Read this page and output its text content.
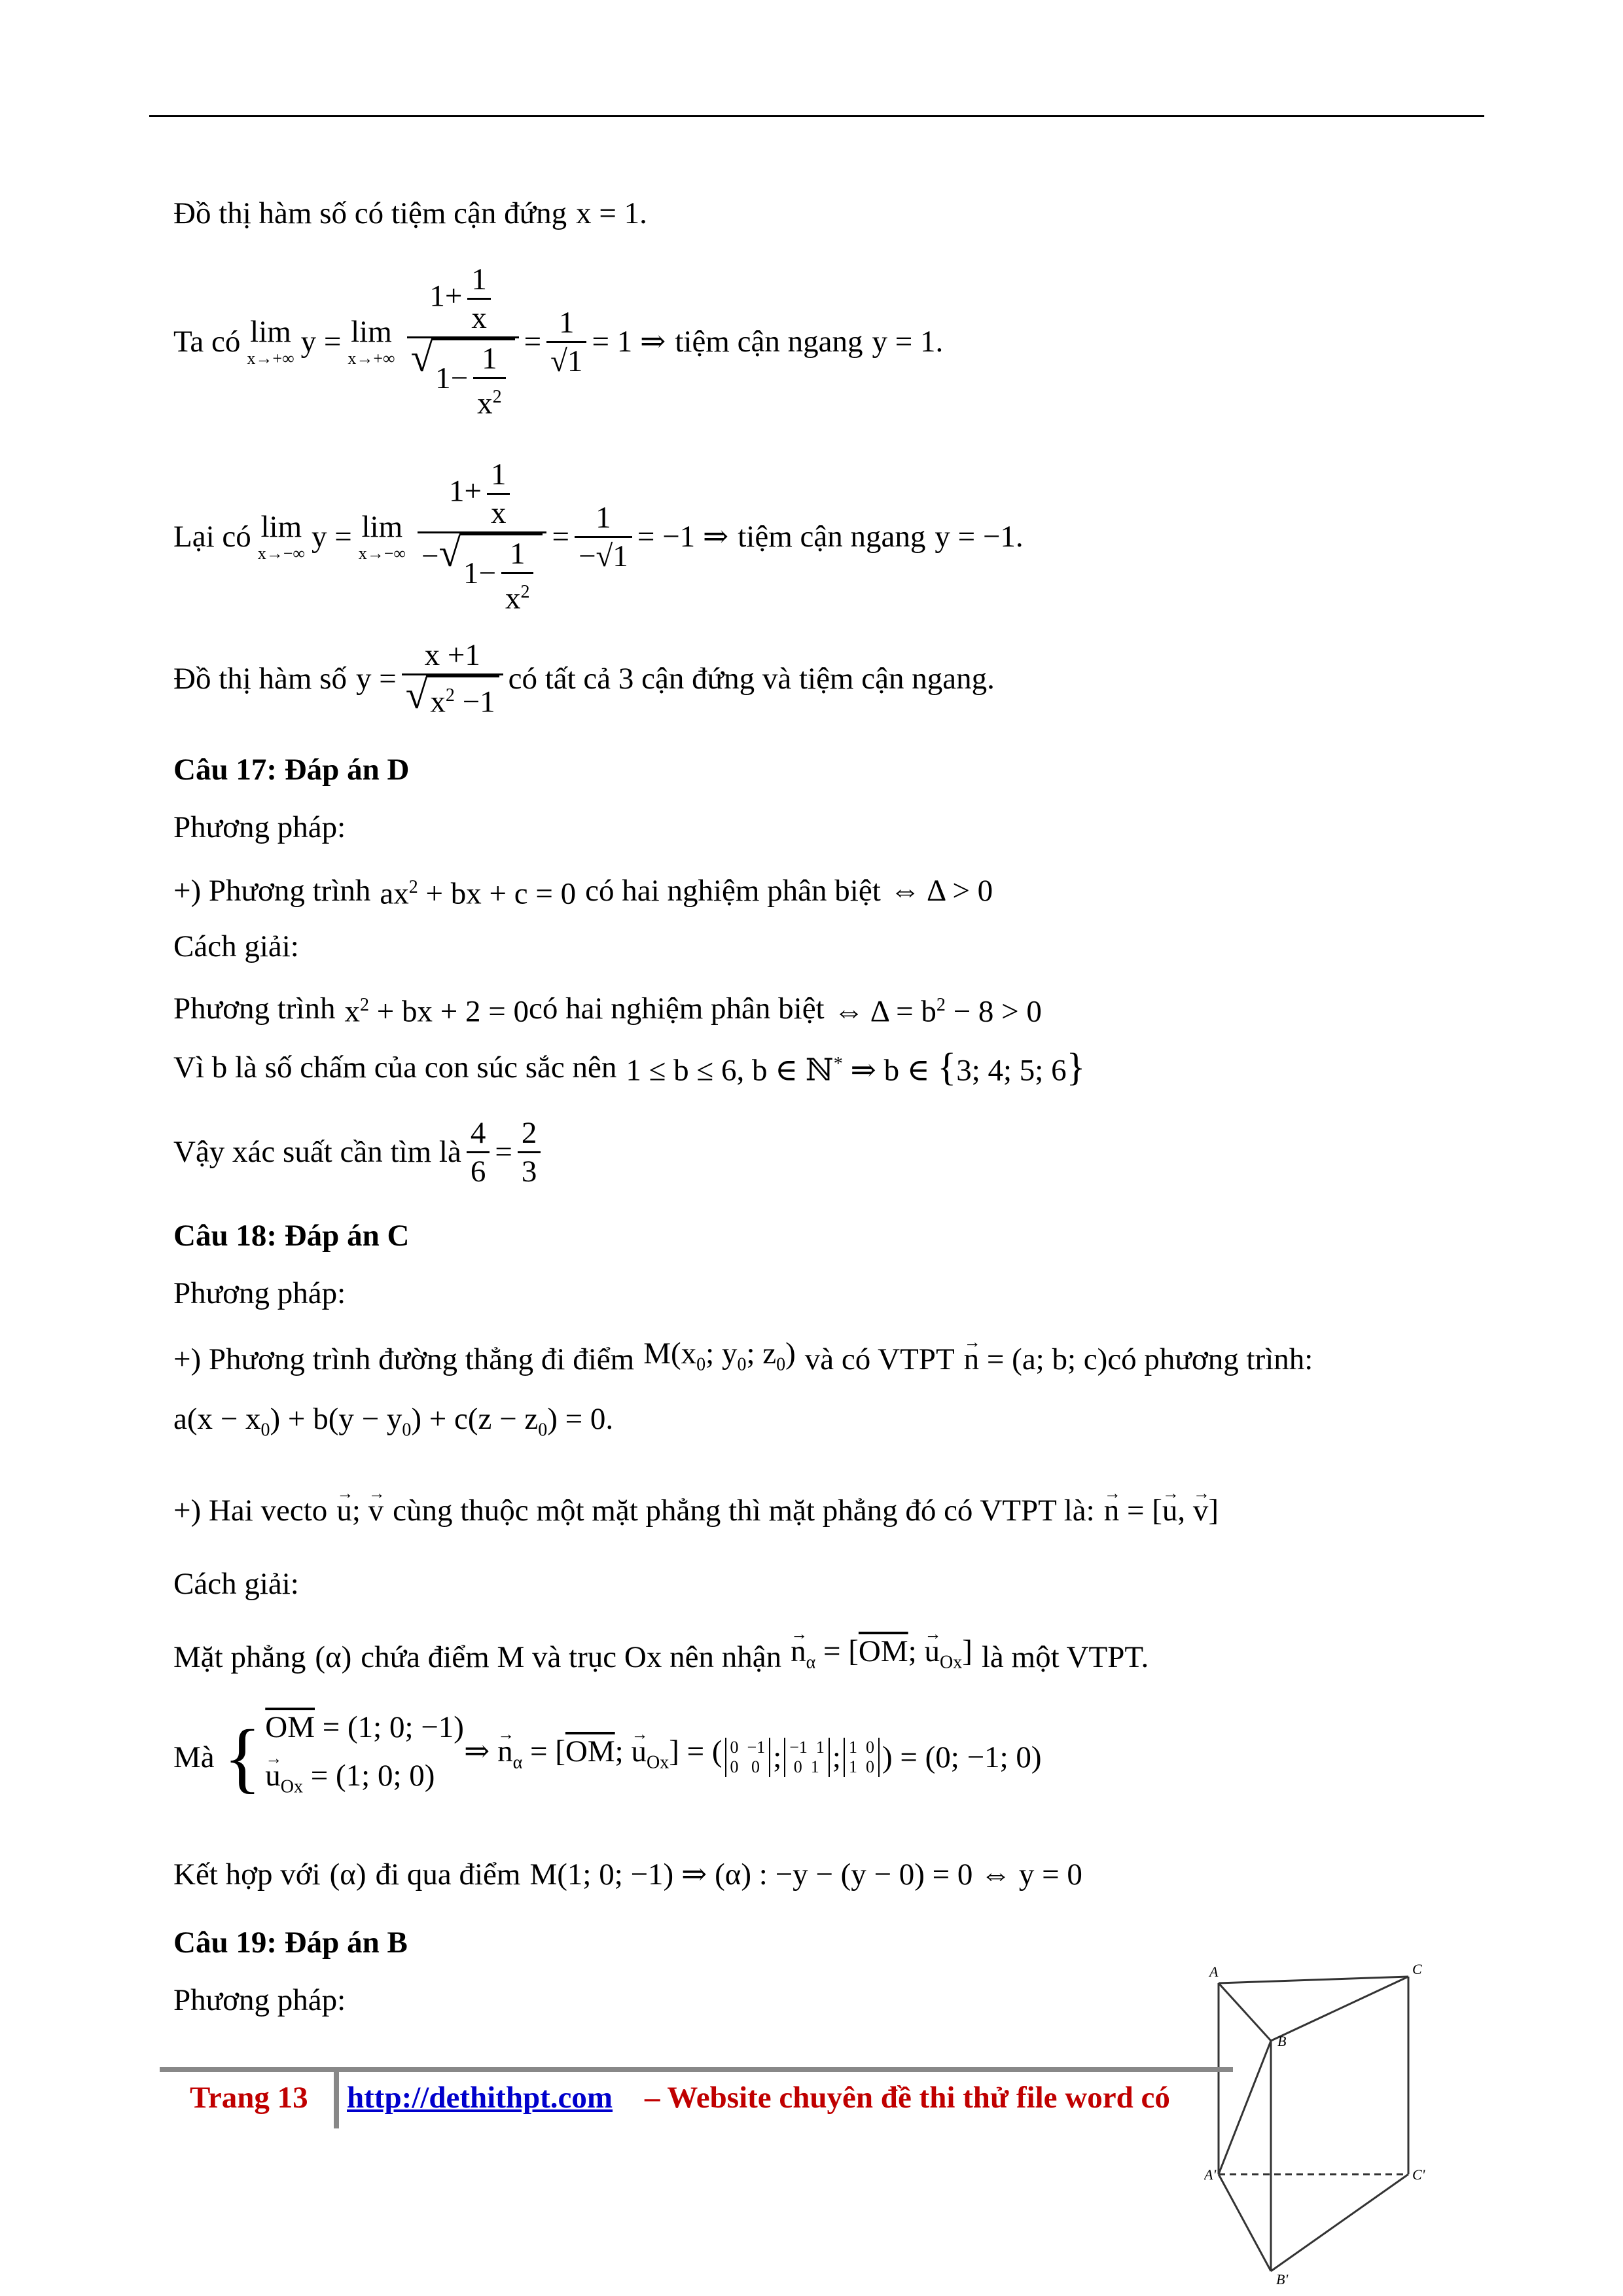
Đồ thị hàm số có tiệm cận đứng x = 1.
Ta có lim
x→+∞ y = lim
$x\to+\infty \frac{1+ \frac{1}{x}}{√ 1- \frac{1}{x^2}} = \frac{1}{√1} = 1$ ⇒ tiệm cận ngang y = 1.
Lại có lim
x→−∞ y = lim
$x\to-\infty \frac{1+ \frac{1}{x}}{- √ 1- \frac{1}{x^2}} = \frac{1}{-√1} = -1$ ⇒ tiệm cận ngang y = −1.
Đồ thị hàm số $y = \frac{x +1}{√ x^2 -1}$ có tất cả 3 cận đứng và tiệm cận ngang.
Câu 17: Đáp án D
Phương pháp:
+) Phương trình $ax^2$ + bx + c = 0 có hai nghiệm phân biệt ⇔ Δ > 0
Cách giải:
Phương trình $x^2$ + bx + 2 = 0 có hai nghiệm phân biệt ⇔ $\Delta = b^2 - 8 > 0$
Vì b là số chấm của con súc sắc nên 1 ≤ b ≤ 6, b ∈ ℕ* ⇒ b ∈ {3; 4; 5; 6}
Vậy xác suất cần tìm là $\frac{4}{6} = \frac{2}{3}$
Câu 18: Đáp án C
Phương pháp:
+) Phương trình đường thẳng đi điểm $M(x_0$; $y_0$; $z_0$) và có VTPT → n = (a; b; c) có phương trình:
$a(x - x_0) + b(y - y_0) + c(z - z_0) = 0$.
+) Hai vecto → u; → v cùng thuộc một mặt phẳng thì mặt phẳng đó có VTPT là: → n = [→ u, → v]
Cách giải:
Mặt phẳng (α) chứa điểm M và trục Ox nên nhận → $n_\alpha = [\overline{OM}$; → $u_{Ox}$] là một VTPT.
Mà { $\overline{OM} = (1$; 0; −1)
→ $u_{Ox} = (1$; 0; 0)
⇒ → $n_\alpha = [\overline{OM}$; → $u_{Ox}$] = ( 0  −1
0   0 ; −1  1
0  1 ; 1  0
1  0 ) = (0; −1; 0)
Kết hợp với (α) đi qua điểm M(1; 0; −1) ⇒ (α) : −y − (y − 0) = 0 ⇔ y = 0
Câu 19: Đáp án B
Phương pháp:
A	C
B
A'	C'
B'
Trang 13 http://dethithpt.com – Website chuyên đề thi thử file word có
